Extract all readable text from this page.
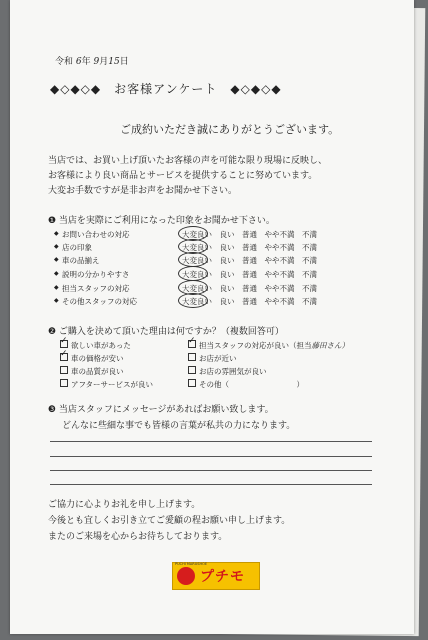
令和 6年 9月15日
◆◇◆◇◆　お客様アンケート　◆◇◆◇◆
ご成約いただき誠にありがとうございます。
当店では、お買い上げ頂いたお客様の声を可能な限り現場に反映し、
お客様により良い商品とサービスを提供することに努めています。
大変お手数ですが是非お声をお聞かせ下さい。
❶ 当店を実際にご利用になった印象をお聞かせ下さい。
◆ お問い合わせの対応	大変良い　良い　普通　やや不満　不満
◆ 店の印象	大変良い　良い　普通　やや不満　不満
◆ 車の品揃え	大変良い　良い　普通　やや不満　不満
◆ 説明の分かりやすさ	大変良い　良い　普通　やや不満　不満
◆ 担当スタッフの対応	大変良い　良い　普通　やや不満　不満
◆ その他スタッフの対応	大変良い　良い　普通　やや不満　不満
❷ ご購入を決めて頂いた理由は何ですか？（複数回答可）
✓ 欲しい車があった	✓ 担当スタッフの対応が良い（担当藤田さん）
✓ 車の価格が安い	お店が近い
車の品質が良い	お店の雰囲気が良い
アフターサービスが良い	その他（　　　　　　　　　）
❸ 当店スタッフにメッセージがあればお願い致します。
どんなに些細な事でも皆様の言葉が私共の力になります。
ご協力に心よりお礼を申し上げます。
今後とも宜しくお引き立てご愛顧の程お願い申し上げます。
またのご来場を心からお待ちしております。
PUCHI MARUSHOE
プチモ
